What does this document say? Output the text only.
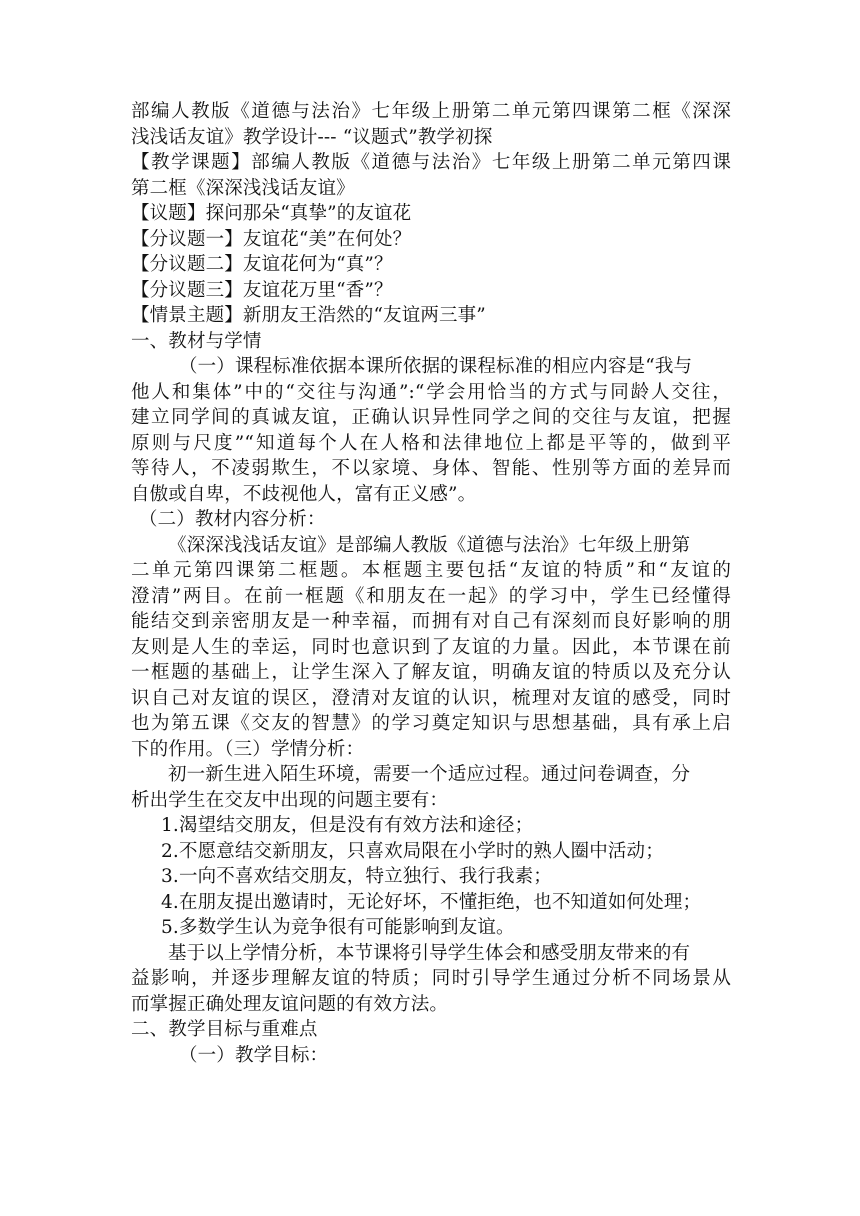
部编人教版《道德与法治》七年级上册第二单元第四课第二框《深深
浅浅话友谊》教学设计--- “议题式”教学初探
【教学课题】部编人教版《道德与法治》七年级上册第二单元第四课
第二框《深深浅浅话友谊》
【议题】探问那朵“真挚”的友谊花
【分议题一】友谊花“美”在何处？
【分议题二】友谊花何为“真”？
【分议题三】友谊花万里“香”？
【情景主题】新朋友王浩然的“友谊两三事”
一、教材与学情
（一）课程标准依据本课所依据的课程标准的相应内容是“我与
他人和集体”中的“交往与沟通”:“学会用恰当的方式与同龄人交往，
建立同学间的真诚友谊，正确认识异性同学之间的交往与友谊，把握
原则与尺度”“知道每个人在人格和法律地位上都是平等的，做到平
等待人，不凌弱欺生，不以家境、身体、智能、性别等方面的差异而
自傲或自卑，不歧视他人，富有正义感”。
（二）教材内容分析：
《深深浅浅话友谊》是部编人教版《道德与法治》七年级上册第
二单元第四课第二框题。本框题主要包括“友谊的特质”和“友谊的
澄清”两目。在前一框题《和朋友在一起》的学习中，学生已经懂得
能结交到亲密朋友是一种幸福，而拥有对自己有深刻而良好影响的朋
友则是人生的幸运，同时也意识到了友谊的力量。因此，本节课在前
一框题的基础上，让学生深入了解友谊，明确友谊的特质以及充分认
识自己对友谊的误区，澄清对友谊的认识，梳理对友谊的感受，同时
也为第五课《交友的智慧》的学习奠定知识与思想基础，具有承上启
下的作用。（三）学情分析：
初一新生进入陌生环境，需要一个适应过程。通过问卷调查，分
析出学生在交友中出现的问题主要有：
1.渴望结交朋友，但是没有有效方法和途径；
2.不愿意结交新朋友，只喜欢局限在小学时的熟人圈中活动；
3.一向不喜欢结交朋友，特立独行、我行我素；
4.在朋友提出邀请时，无论好坏，不懂拒绝，也不知道如何处理；
5.多数学生认为竞争很有可能影响到友谊。
基于以上学情分析，本节课将引导学生体会和感受朋友带来的有
益影响，并逐步理解友谊的特质；同时引导学生通过分析不同场景从
而掌握正确处理友谊问题的有效方法。
二、教学目标与重难点
（一）教学目标：
